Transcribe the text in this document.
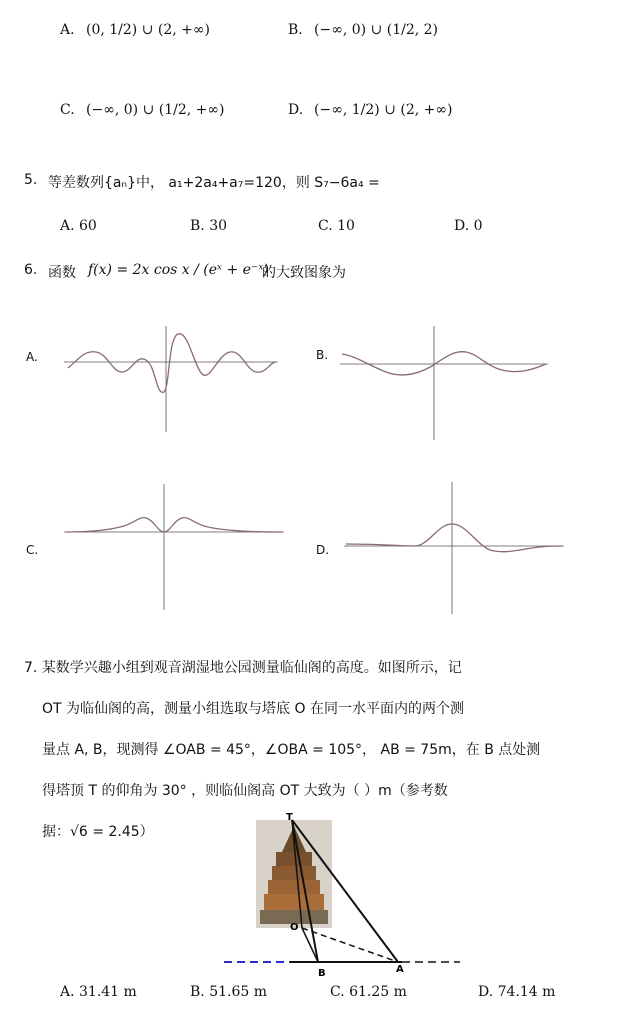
A. (0, 1/2) ∪ (2, +∞)	B. (−∞, 0) ∪ (1/2, 2)
C. (−∞, 0) ∪ (1/2, +∞)	D. (−∞, 1/2) ∪ (2, +∞)
5. 等差数列{aₙ}中， a₁+2a₄+a₇=120，则 S₇−6a₄ =
A. 60	B. 30	C. 10	D. 0
6. 函数 f(x) = 2x cos x / (eˣ + e⁻ˣ)
的大致图象为
A.	B.
C.	D.
7. 某数学兴趣小组到观音湖湿地公园测量临仙阁的高度。如图所示，记
OT 为临仙阁的高，测量小组选取与塔底 O 在同一水平面内的两个测
量点 A, B，现测得 ∠OAB = 45°，∠OBA = 105°， AB = 75m，在 B 点处测
得塔顶 T 的仰角为 30° ，则临仙阁高 OT 大致为（ ）m（参考数
据：√6 = 2.45）
T
O
B	A
A. 31.41 m	B. 51.65 m	C. 61.25 m	D. 74.14 m
